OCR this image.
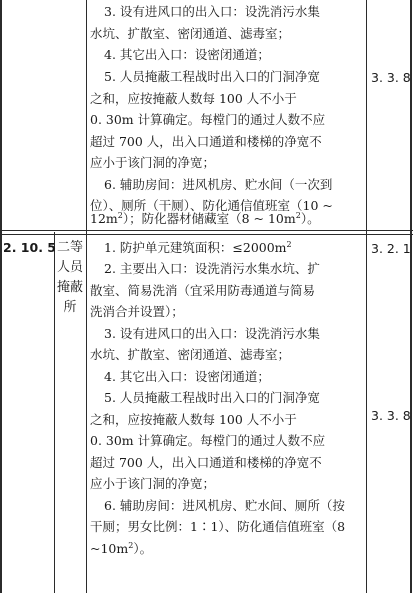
3. 设有进风口的出入口：设洗消污水集
水坑、扩散室、密闭通道、滤毒室；
4. 其它出入口：设密闭通道；
5. 人员掩蔽工程战时出入口的门洞净宽
之和，应按掩蔽人数每 100 人不小于
0. 30m 计算确定。每樘门的通过人数不应
超过 700 人，出入口通道和楼梯的净宽不
应小于该门洞的净宽；
6. 辅助房间：进风机房、贮水间（一次到
位）、厕所（干厕）、防化通信值班室（10 ~
$12m^2$）；防化器材储藏室（8 ~ $10m^2$）。
3. 3. 8
2. 10. 5 二等
人员
掩蔽
所
1. 防护单元建筑面积：$\le 2000m^2$
2. 主要出入口：设洗消污水集水坑、扩
散室、简易洗消（宜采用防毒通道与简易
洗消合并设置）；
3. 设有进风口的出入口：设洗消污水集
水坑、扩散室、密闭通道、滤毒室；
4. 其它出入口：设密闭通道；
5. 人员掩蔽工程战时出入口的门洞净宽
之和，应按掩蔽人数每 100 人不小于
0. 30m 计算确定。每樘门的通过人数不应
超过 700 人，出入口通道和楼梯的净宽不
应小于该门洞的净宽；
6. 辅助房间：进风机房、贮水间、厕所（按
干厕；男女比例：1∶1）、防化通信值班室（8
$\sim 10m^2$）。
3. 2. 1
3. 3. 8
